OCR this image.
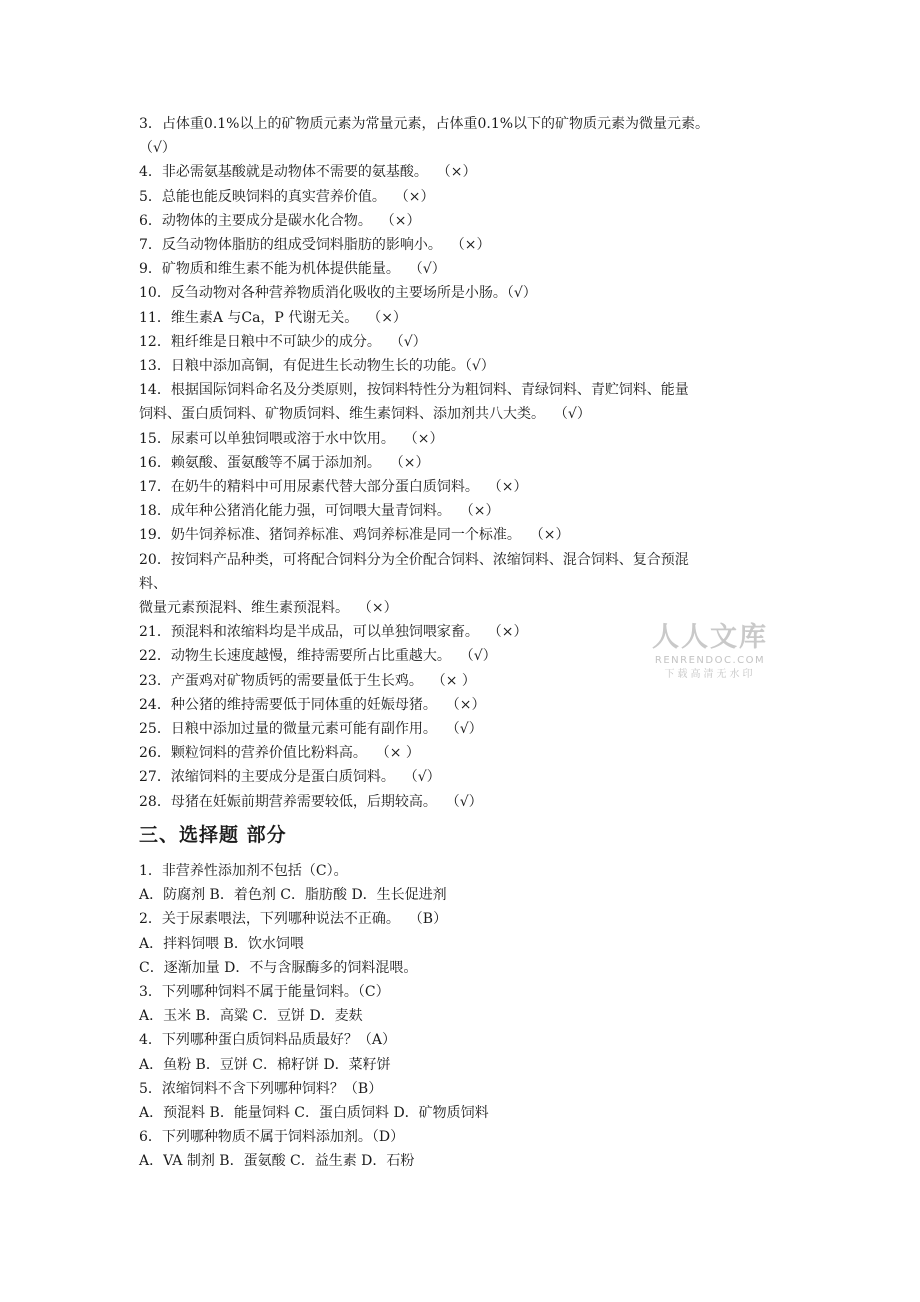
3．占体重0.1%以上的矿物质元素为常量元素，占体重0.1%以下的矿物质元素为微量元素。
（√）
4．非必需氨基酸就是动物体不需要的氨基酸。  （×）
5．总能也能反映饲料的真实营养价值。  （×）
6．动物体的主要成分是碳水化合物。  （×）
7．反刍动物体脂肪的组成受饲料脂肪的影响小。  （×）
9．矿物质和维生素不能为机体提供能量。  （√）
10．反刍动物对各种营养物质消化吸收的主要场所是小肠。（√）
11．维生素A 与Ca，P 代谢无关。  （×）
12．粗纤维是日粮中不可缺少的成分。  （√）
13．日粮中添加高铜，有促进生长动物生长的功能。（√）
14．根据国际饲料命名及分类原则，按饲料特性分为粗饲料、青绿饲料、青贮饲料、能量
饲料、蛋白质饲料、矿物质饲料、维生素饲料、添加剂共八大类。  （√）
15．尿素可以单独饲喂或溶于水中饮用。  （×）
16．赖氨酸、蛋氨酸等不属于添加剂。  （×）
17．在奶牛的精料中可用尿素代替大部分蛋白质饲料。  （×）
18．成年种公猪消化能力强，可饲喂大量青饲料。  （×）
19．奶牛饲养标准、猪饲养标准、鸡饲养标准是同一个标准。  （×）
20．按饲料产品种类，可将配合饲料分为全价配合饲料、浓缩饲料、混合饲料、复合预混
料、
微量元素预混料、维生素预混料。  （×）
21．预混料和浓缩料均是半成品，可以单独饲喂家畜。  （×）
22．动物生长速度越慢，维持需要所占比重越大。  （√）
23．产蛋鸡对矿物质钙的需要量低于生长鸡。  （× ）
24．种公猪的维持需要低于同体重的妊娠母猪。  （×）
25．日粮中添加过量的微量元素可能有副作用。  （√）
26．颗粒饲料的营养价值比粉料高。  （× ）
27．浓缩饲料的主要成分是蛋白质饲料。  （√）
28．母猪在妊娠前期营养需要较低，后期较高。  （√）
三、选择题 部分
1．非营养性添加剂不包括（C）。
A．防腐剂 B．着色剂 C．脂肪酸 D．生长促进剂
2．关于尿素喂法，下列哪种说法不正确。  （B）
A．拌料饲喂 B．饮水饲喂
C．逐渐加量 D．不与含脲酶多的饲料混喂。
3．下列哪种饲料不属于能量饲料。（C）
A．玉米 B．高粱 C．豆饼 D．麦麸
4．下列哪种蛋白质饲料品质最好？（A）
A．鱼粉 B．豆饼 C．棉籽饼 D．菜籽饼
5．浓缩饲料不含下列哪种饲料？（B）
A．预混料 B．能量饲料 C．蛋白质饲料 D．矿物质饲料
6．下列哪种物质不属于饲料添加剂。（D）
A．VA 制剂 B．蛋氨酸 C．益生素 D．石粉
人人文库
RENRENDOC.COM
下载高清无水印
